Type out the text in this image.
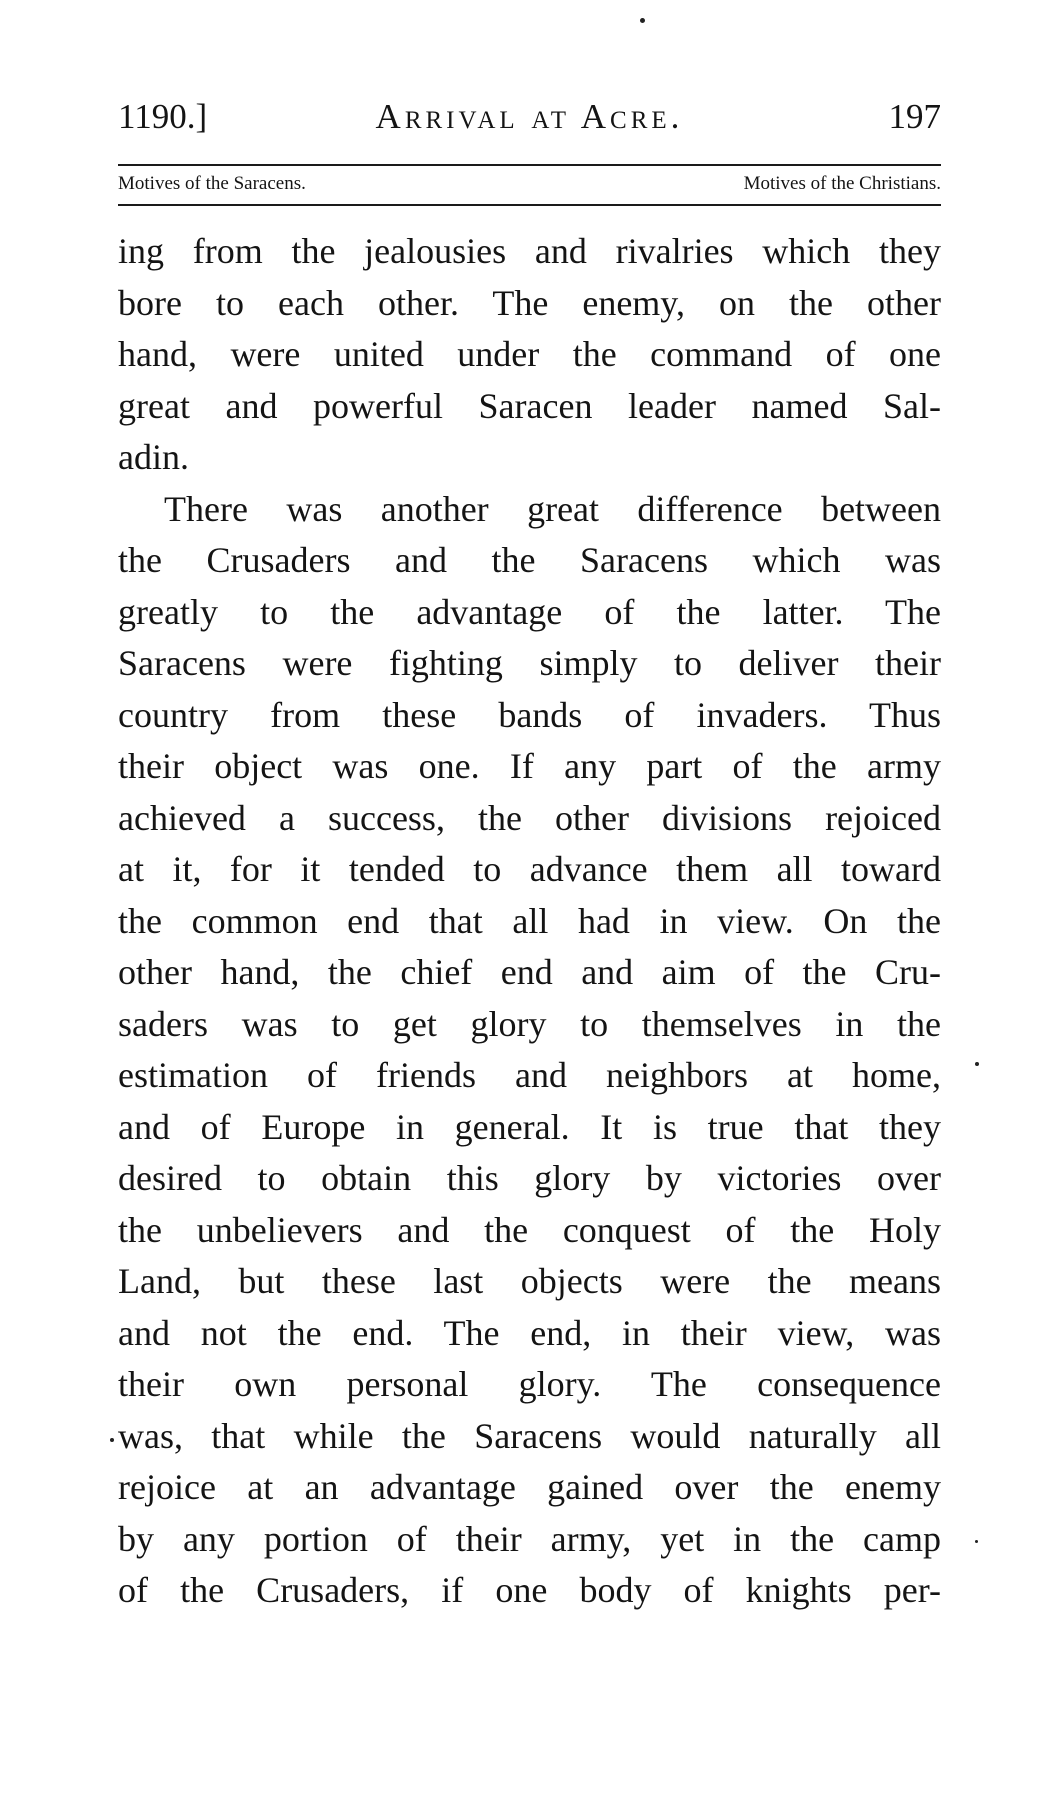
1190.]	Arrival at Acre.	197
Motives of the Saracens.	Motives of the Christians.
ing from the jealousies and rivalries which they
bore to each other. The enemy, on the other
hand, were united under the command of one
great and powerful Saracen leader named Sal-
adin.
There was another great difference between
the Crusaders and the Saracens which was
greatly to the advantage of the latter. The
Saracens were fighting simply to deliver their
country from these bands of invaders. Thus
their object was one. If any part of the army
achieved a success, the other divisions rejoiced
at it, for it tended to advance them all toward
the common end that all had in view. On the
other hand, the chief end and aim of the Cru-
saders was to get glory to themselves in the
estimation of friends and neighbors at home,
and of Europe in general. It is true that they
desired to obtain this glory by victories over
the unbelievers and the conquest of the Holy
Land, but these last objects were the means
and not the end. The end, in their view, was
their own personal glory. The consequence
was, that while the Saracens would naturally all
rejoice at an advantage gained over the enemy
by any portion of their army, yet in the camp
of the Crusaders, if one body of knights per-
